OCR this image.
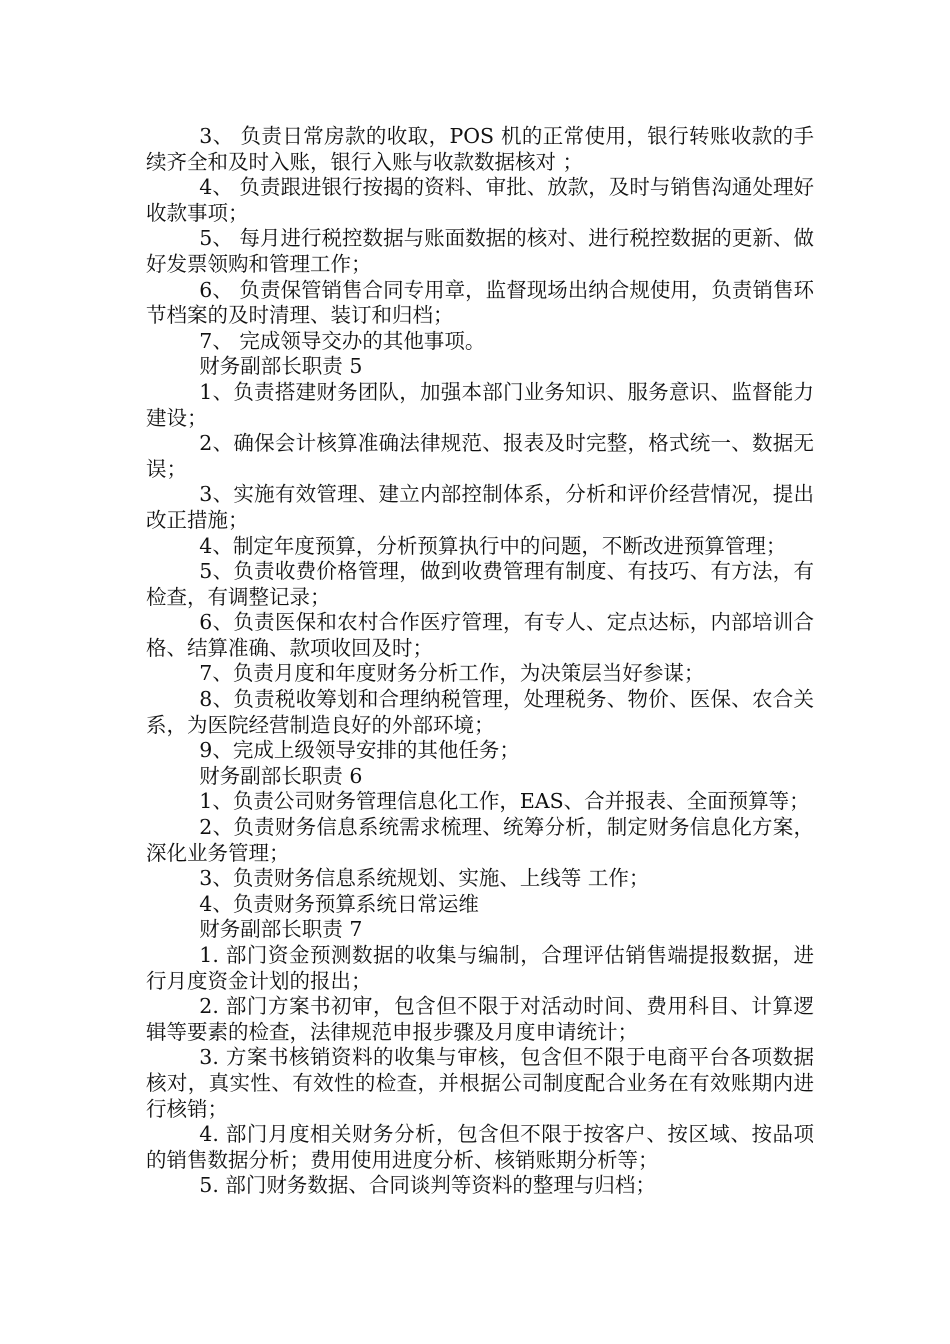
3、 负责日常房款的收取，POS 机的正常使用，银行转账收款的手续齐全和及时入账，银行入账与收款数据核对 ；

4、 负责跟进银行按揭的资料、审批、放款，及时与销售沟通处理好收款事项；

5、 每月进行税控数据与账面数据的核对、进行税控数据的更新、做好发票领购和管理工作；

6、 负责保管销售合同专用章，监督现场出纳合规使用，负责销售环节档案的及时清理、装订和归档；

7、 完成领导交办的其他事项。

财务副部长职责 5

1、负责搭建财务团队，加强本部门业务知识、服务意识、监督能力建设；

2、确保会计核算准确法律规范、报表及时完整，格式统一、数据无误；

3、实施有效管理、建立内部控制体系，分析和评价经营情况，提出改正措施；

4、制定年度预算，分析预算执行中的问题，不断改进预算管理；

5、负责收费价格管理，做到收费管理有制度、有技巧、有方法，有检查，有调整记录；

6、负责医保和农村合作医疗管理，有专人、定点达标，内部培训合格、结算准确、款项收回及时；

7、负责月度和年度财务分析工作，为决策层当好参谋；

8、负责税收筹划和合理纳税管理，处理税务、物价、医保、农合关系，为医院经营制造良好的外部环境；

9、完成上级领导安排的其他任务；

财务副部长职责 6

1、负责公司财务管理信息化工作，EAS、合并报表、全面预算等；

2、负责财务信息系统需求梳理、统筹分析，制定财务信息化方案，深化业务管理；

3、负责财务信息系统规划、实施、上线等 工作；

4、负责财务预算系统日常运维

财务副部长职责 7

1. 部门资金预测数据的收集与编制，合理评估销售端提报数据，进行月度资金计划的报出；

2. 部门方案书初审，包含但不限于对活动时间、费用科目、计算逻辑等要素的检查，法律规范申报步骤及月度申请统计；

3. 方案书核销资料的收集与审核，包含但不限于电商平台各项数据核对，真实性、有效性的检查，并根据公司制度配合业务在有效账期内进行核销；

4. 部门月度相关财务分析，包含但不限于按客户、按区域、按品项的销售数据分析；费用使用进度分析、核销账期分析等；

5. 部门财务数据、合同谈判等资料的整理与归档；
